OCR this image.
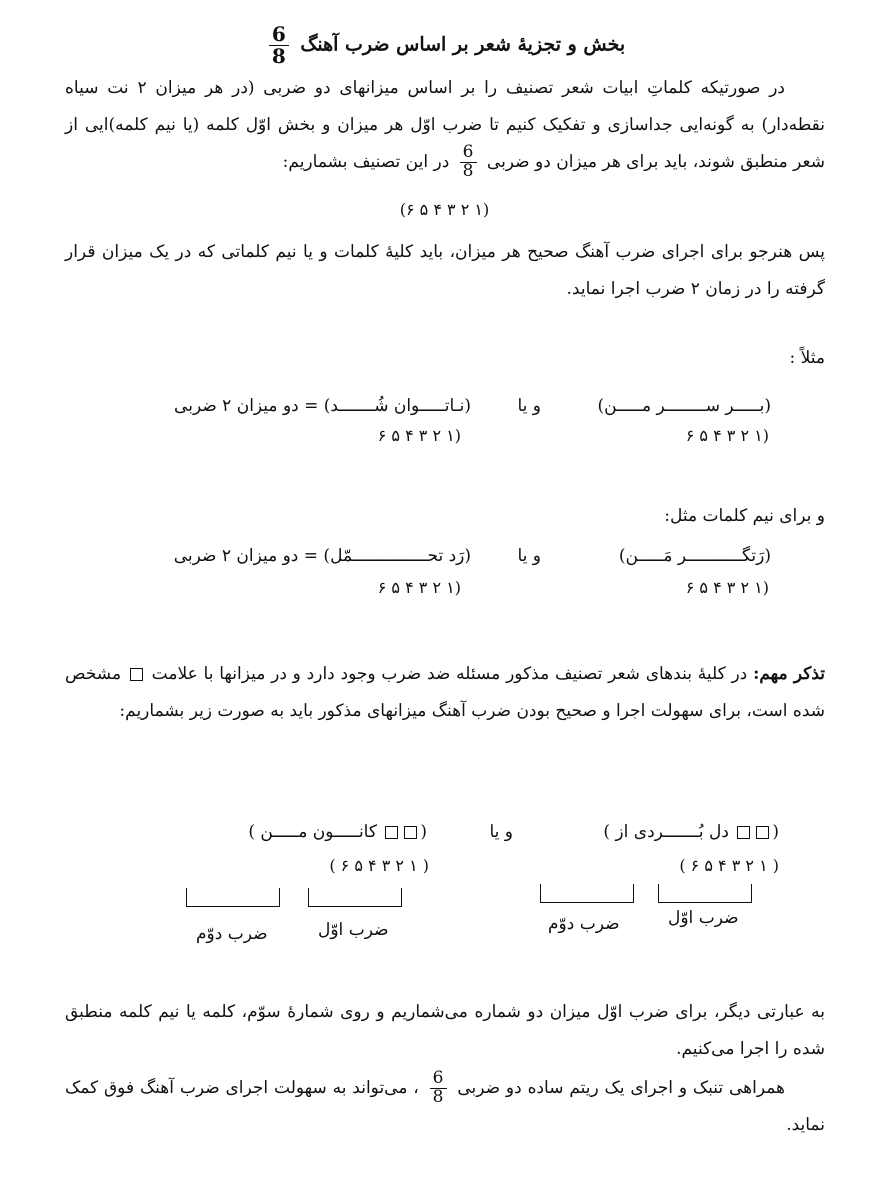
بخش و تجزیهٔ شعر بر اساس ضرب آهنگ
$\frac{6}{8}$
در صورتیکه کلماتِ ابیات شعر تصنیف را بر اساس میزانهای دو ضربی (در هر میزان ۲ نت سیاه نقطه‌دار) به گونه‌ایی جداسازی و تفکیک کنیم تا ضرب اوّل هر میزان و بخش اوّل کلمه (یا نیم کلمه)ایی از شعر منطبق شوند، باید برای هر میزان دو ضربی
$\frac{6}{8}$
در این تصنیف بشماریم:
(۱ ۲ ۳ ۴ ۵ ۶)
پس هنرجو برای اجرای ضرب آهنگ صحیح هر میزان، باید کلیهٔ کلمات و یا نیم کلماتی که در یک میزان قرار گرفته را در زمان ۲ ضرب اجرا نماید.
مثلاً :
(بـــــر ســــــــر مـــــن)
و یا
(نـاتـــــوان شُـــــــد) = دو میزان ۲ ضربی
(۱ ۲ ۳ ۴ ۵ ۶
(۱ ۲ ۳ ۴ ۵ ۶
و برای نیم کلمات مثل:
(رَتگـــــــــــر مَـــــن)
و یا
(رَد تحـــــــــــــــمّل) = دو میزان ۲ ضربی
(۱ ۲ ۳ ۴ ۵ ۶
(۱ ۲ ۳ ۴ ۵ ۶
تذکر مهم: در کلیهٔ بندهای شعر تصنیف مذکور مسئله ضد ضرب وجود دارد و در میزانها با علامت  مشخص شده است، برای سهولت اجرا و صحیح بودن ضرب آهنگ میزانهای مذکور باید به صورت زیر بشماریم:
( دل بُـــــــردی از )
و یا
( کانـــــون مـــــن )
( ۱ ۲ ۳ ۴ ۵ ۶ )
( ۱ ۲ ۳ ۴ ۵ ۶ )
ضرب اوّل
ضرب دوّم
ضرب اوّل
ضرب دوّم
به عبارتی دیگر، برای ضرب اوّل میزان دو شماره می‌شماریم و روی شمارهٔ سوّم، کلمه یا نیم کلمه منطبق شده را اجرا می‌کنیم.
همراهی تنبک و اجرای یک ریتم ساده دو ضربی
$\frac{6}{8}$
، می‌تواند به سهولت اجرای ضرب آهنگ فوق کمک نماید.
